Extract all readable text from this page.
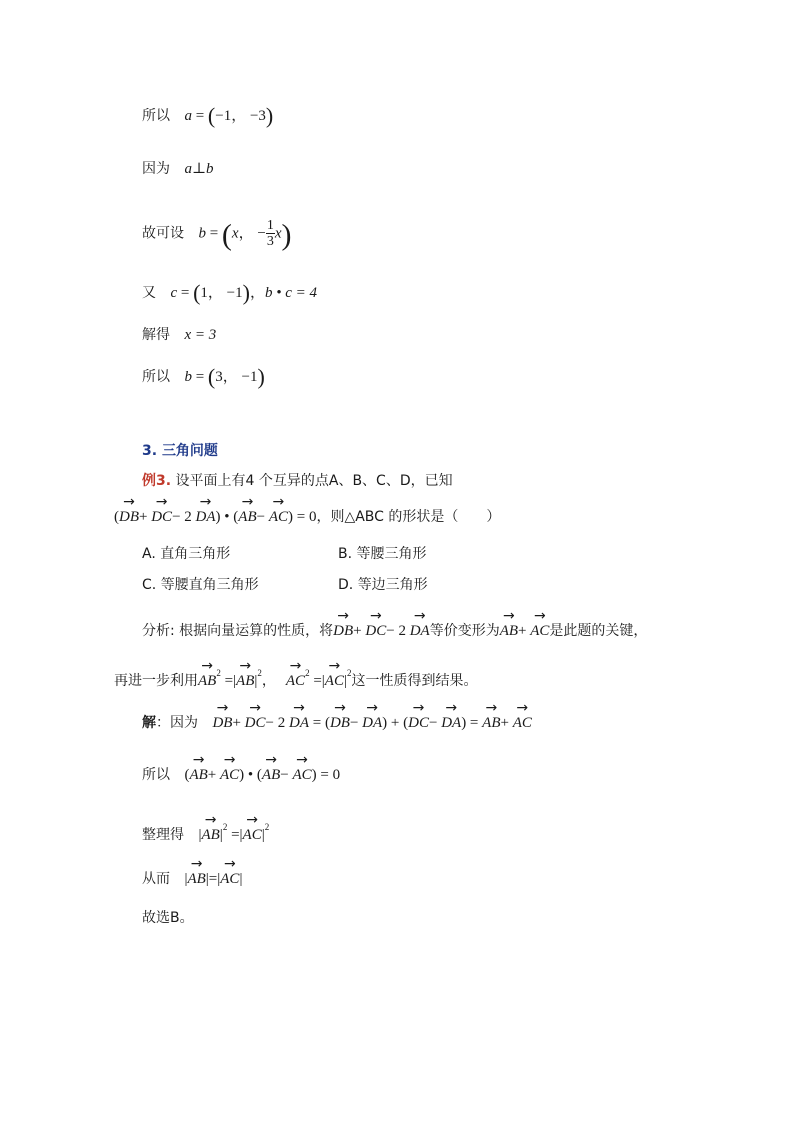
所以 a = (−1， −3)
因为 a⊥b
故可设 b = (x， − $\frac{1}{3} x$)
又 c = (1， −1)，b • c = 4
解得 x = 3
所以 b = (3， −1)
3. 三角问题
例3. 设平面上有4 个互异的点A、B、C、D，已知
(→ DB+ → DC− 2 → DA) • (→ AB− → AC) = 0，则△ABC 的形状是（　　）
A. 直角三角形	B. 等腰三角形
C. 等腰直角三角形	D. 等边三角形
分析: 根据向量运算的性质，将→ DB+ → DC− 2 → DA等价变形为→ AB+ → AC是此题的关键，
再进一步利用→ $AB^2$ =|→ $AB|^2$， → $AC^2$ =|→ $AC|^2$这一性质得到结果。
解：因为 → DB+ → DC− 2 → DA = (→ DB− → DA) + (→ DC− → DA) = → AB+ → AC
所以 (→ AB+ → AC) • (→ AB− → AC) = 0
整理得 |→ $AB|^2$ =|→ $AC|^2$
从而 |→ AB|=|→ AC|
故选B。
